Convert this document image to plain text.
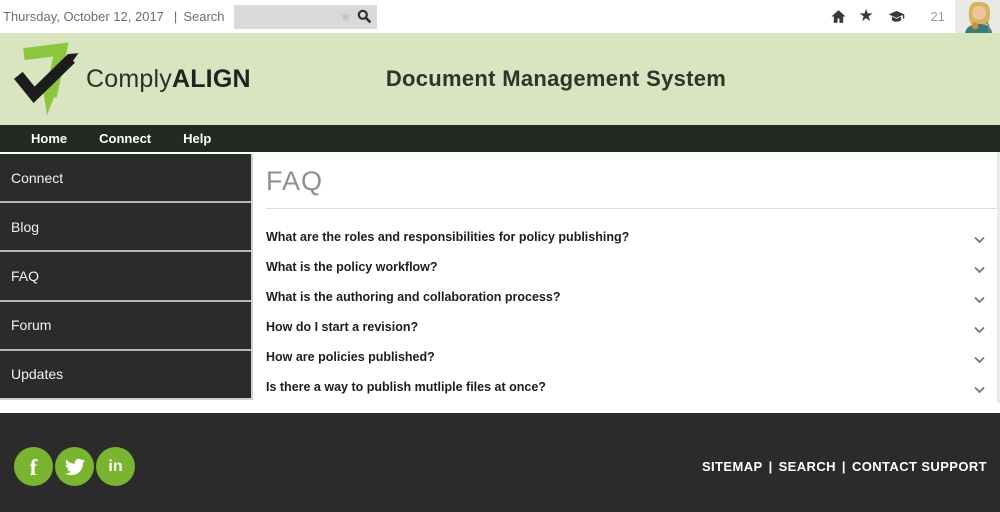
Thursday, October 12, 2017 | Search	★	★	21
ComplyALIGN	Document Management System
Home	Connect	Help
Connect
Blog
FAQ
Forum
Updates
FAQ
What are the roles and responsibilities for policy publishing?
What is the policy workflow?
What is the authoring and collaboration process?
How do I start a revision?
How are policies published?
Is there a way to publish mutliple files at once?
f	in	SITEMAP | SEARCH | CONTACT SUPPORT
